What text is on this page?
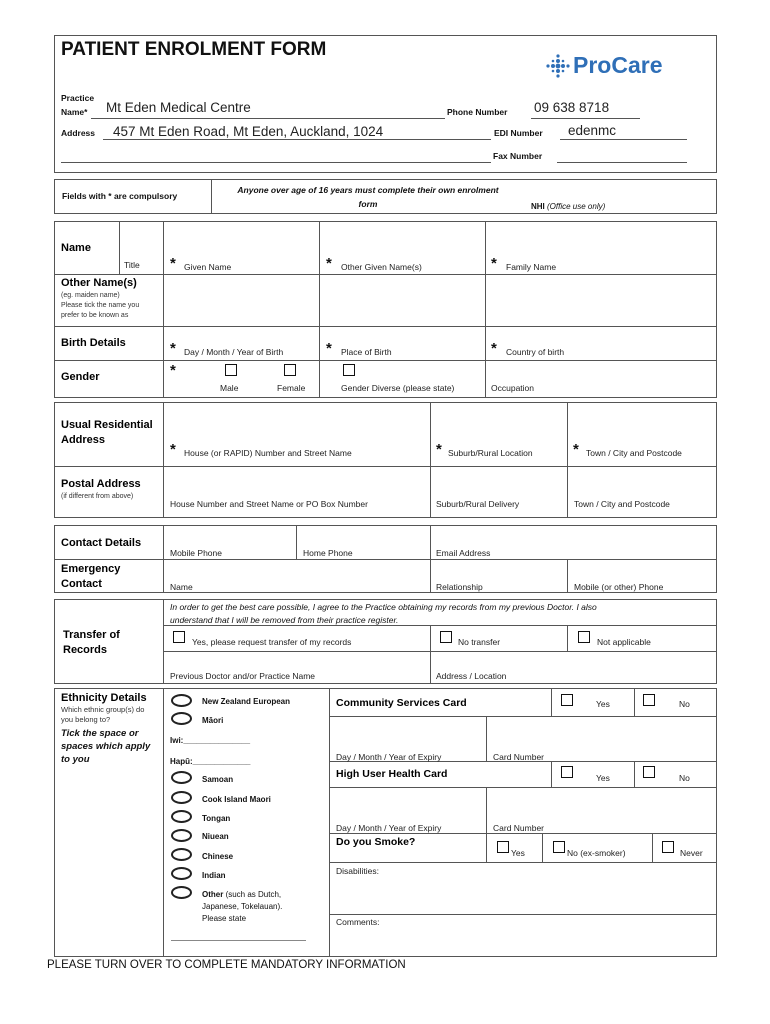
PATIENT ENROLMENT FORM
ProCare
Practice
Name* Mt Eden Medical Centre	Phone Number 09 638 8718
Address 457 Mt Eden Road, Mt Eden, Auckland, 1024	EDI Number edenmc
Fax Number
Fields with * are compulsory
Anyone over age of 16 years must complete their own enrolment form	NHI (Office use only)
Name
Title * Given Name	* Other Given Name(s)	* Family Name
Other Name(s)
(eg. maiden name)
Please tick the name you
prefer to be known as
Birth Details	* Day / Month / Year of Birth	* Place of Birth	* Country of birth
Gender	*
Male	Female	Gender Diverse (please state)	Occupation
Usual Residential
Address
* House (or RAPID) Number and Street Name	* Suburb/Rural Location	* Town / City and Postcode
Postal Address
(if different from above)
House Number and Street Name or PO Box Number	Suburb/Rural Delivery	Town / City and Postcode
Contact Details
Mobile Phone	Home Phone	Email Address
Emergency
Contact	Name	Relationship	Mobile (or other) Phone
Transfer of
Records
In order to get the best care possible, I agree to the Practice obtaining my records from my previous Doctor. I also
understand that I will be removed from their practice register.
Yes, please request transfer of my records	No transfer	Not applicable
Previous Doctor and/or Practice Name	Address / Location
Ethnicity Details
Which ethnic group(s) do
you belong to?
Tick the space or
spaces which apply
to you
New Zealand European
Māori
Iwi:_______________
Hapū:_____________
Samoan
Cook Island Maori
Tongan
Niuean
Chinese
Indian
Other (such as Dutch,
Japanese, Tokelauan).
Please state
Community Services Card	Yes	No
Day / Month / Year of Expiry	Card Number
High User Health Card	Yes	No
Day / Month / Year of Expiry	Card Number
Do you Smoke?
Yes	No (ex-smoker)	Never
Disabilities:
Comments:
PLEASE TURN OVER TO COMPLETE MANDATORY INFORMATION
